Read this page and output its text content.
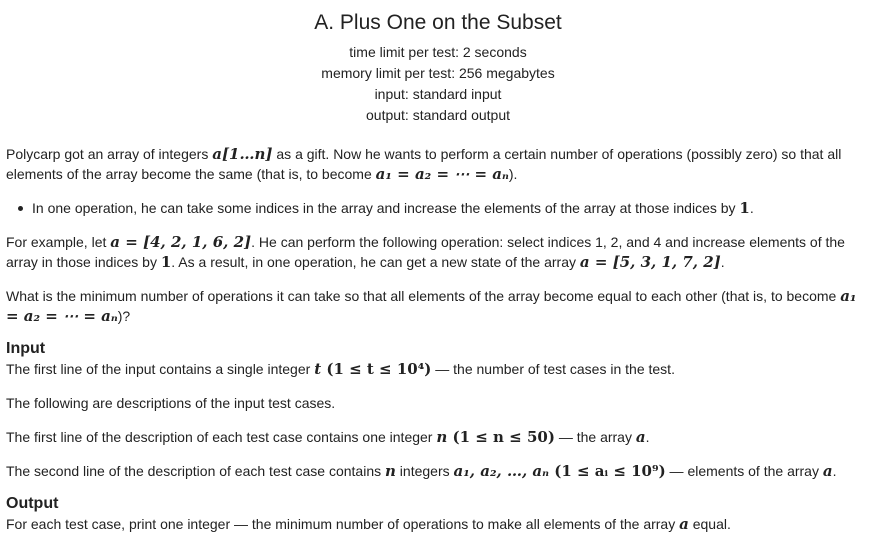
A. Plus One on the Subset
time limit per test: 2 seconds
memory limit per test: 256 megabytes
input: standard input
output: standard output

Polycarp got an array of integers a[1…n] as a gift. Now he wants to perform a certain number of operations (possibly zero) so that all elements of the array become the same (that is, to become a₁ = a₂ = ⋯ = aₙ).

In one operation, he can take some indices in the array and increase the elements of the array at those indices by 1.

For example, let a = [4, 2, 1, 6, 2]. He can perform the following operation: select indices 1, 2, and 4 and increase elements of the array in those indices by 1. As a result, in one operation, he can get a new state of the array a = [5, 3, 1, 7, 2].

What is the minimum number of operations it can take so that all elements of the array become equal to each other (that is, to become a₁ = a₂ = ⋯ = aₙ)?

Input

The first line of the input contains a single integer t (1 ≤ t ≤ 10⁴) — the number of test cases in the test.

The following are descriptions of the input test cases.

The first line of the description of each test case contains one integer n (1 ≤ n ≤ 50) — the array a.

The second line of the description of each test case contains n integers a₁, a₂, …, aₙ (1 ≤ aᵢ ≤ 10⁹) — elements of the array a.

Output

For each test case, print one integer — the minimum number of operations to make all elements of the array a equal.
